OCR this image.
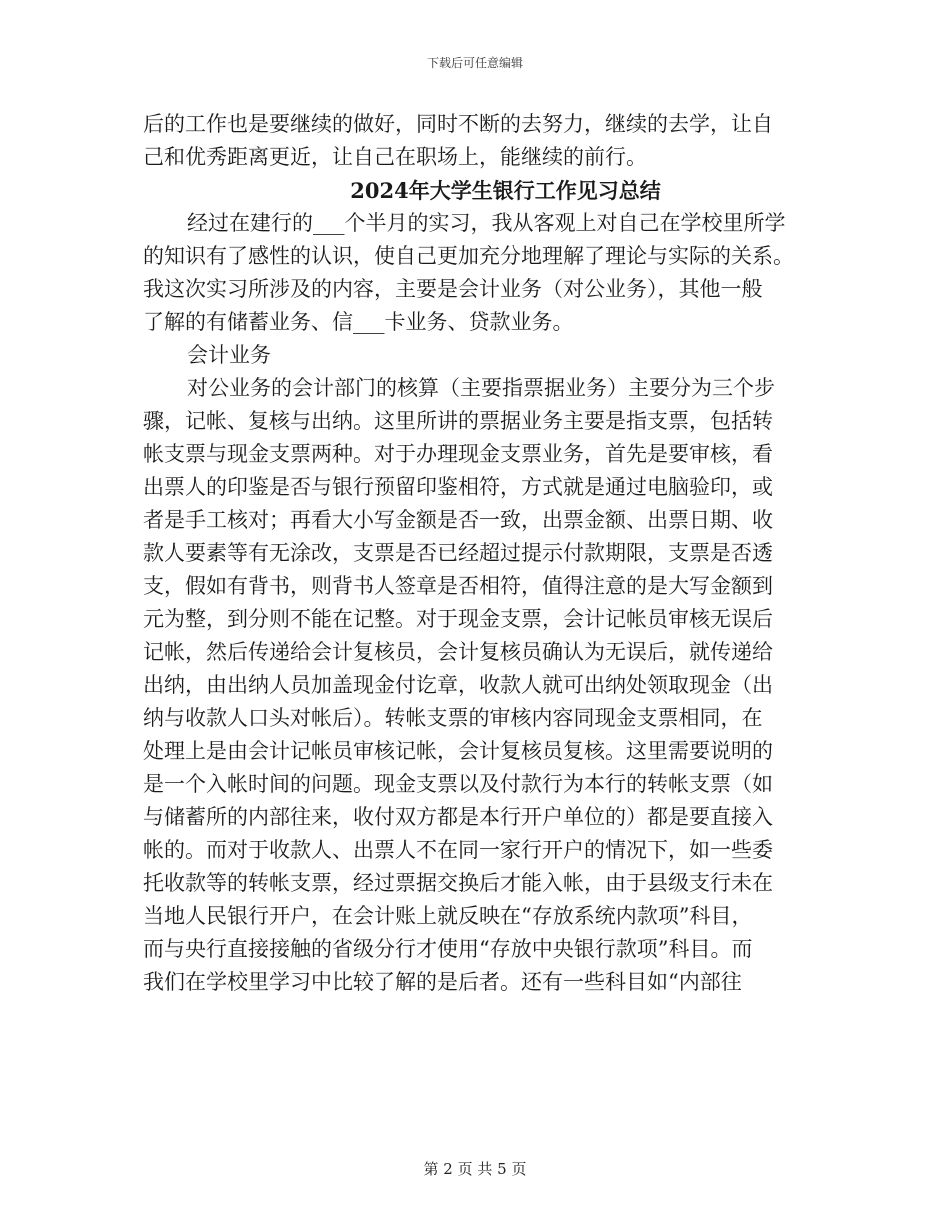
下载后可任意编辑
后的工作也是要继续的做好，同时不断的去努力，继续的去学，让自
己和优秀距离更近，让自己在职场上，能继续的前行。
2024年大学生银行工作见习总结
经过在建行的___个半月的实习，我从客观上对自己在学校里所学
的知识有了感性的认识，使自己更加充分地理解了理论与实际的关系。
我这次实习所涉及的内容，主要是会计业务（对公业务），其他一般
了解的有储蓄业务、信___卡业务、贷款业务。
会计业务
对公业务的会计部门的核算（主要指票据业务）主要分为三个步
骤，记帐、复核与出纳。这里所讲的票据业务主要是指支票，包括转
帐支票与现金支票两种。对于办理现金支票业务，首先是要审核，看
出票人的印鉴是否与银行预留印鉴相符，方式就是通过电脑验印，或
者是手工核对；再看大小写金额是否一致，出票金额、出票日期、收
款人要素等有无涂改，支票是否已经超过提示付款期限，支票是否透
支，假如有背书，则背书人签章是否相符，值得注意的是大写金额到
元为整，到分则不能在记整。对于现金支票，会计记帐员审核无误后
记帐，然后传递给会计复核员，会计复核员确认为无误后，就传递给
出纳，由出纳人员加盖现金付讫章，收款人就可出纳处领取现金（出
纳与收款人口头对帐后）。转帐支票的审核内容同现金支票相同，在
处理上是由会计记帐员审核记帐，会计复核员复核。这里需要说明的
是一个入帐时间的问题。现金支票以及付款行为本行的转帐支票（如
与储蓄所的内部往来，收付双方都是本行开户单位的）都是要直接入
帐的。而对于收款人、出票人不在同一家行开户的情况下，如一些委
托收款等的转帐支票，经过票据交换后才能入帐，由于县级支行未在
当地人民银行开户，在会计账上就反映在“存放系统内款项”科目，
而与央行直接接触的省级分行才使用“存放中央银行款项”科目。而
我们在学校里学习中比较了解的是后者。还有一些科目如“内部往
第 2 页 共 5 页
